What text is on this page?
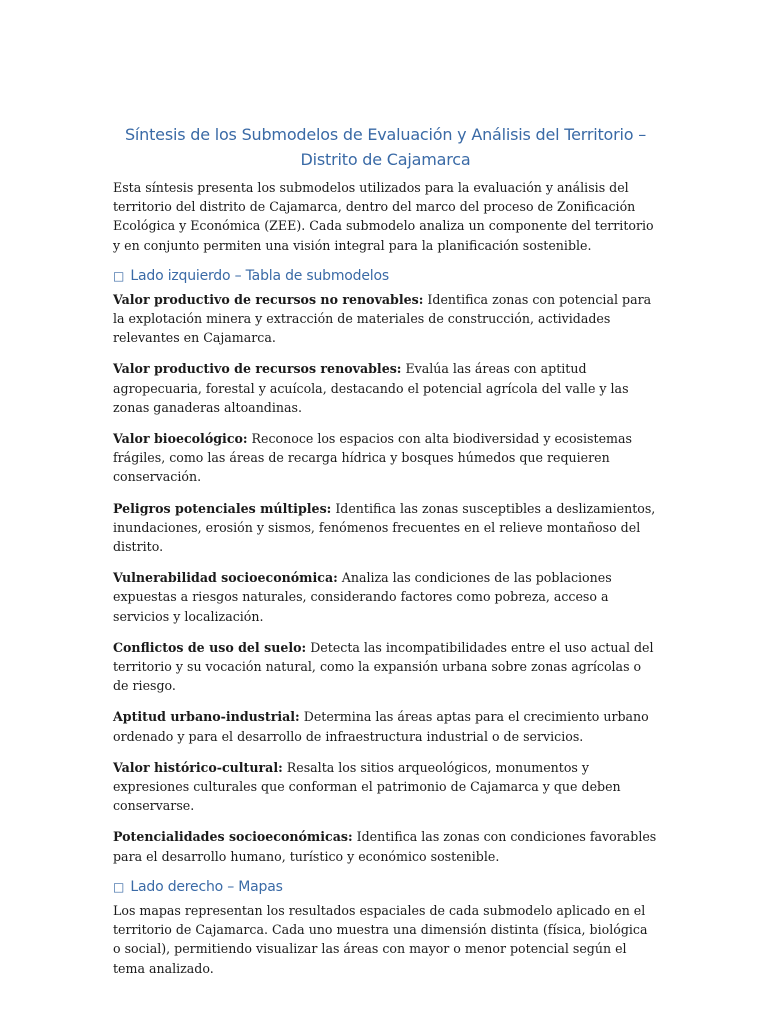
Síntesis de los Submodelos de Evaluación y Análisis del Territorio –
Distrito de Cajamarca

Esta síntesis presenta los submodelos utilizados para la evaluación y análisis del territorio del distrito de Cajamarca, dentro del marco del proceso de Zonificación Ecológica y Económica (ZEE). Cada submodelo analiza un componente del territorio y en conjunto permiten una visión integral para la planificación sostenible.

□ Lado izquierdo – Tabla de submodelos

Valor productivo de recursos no renovables: Identifica zonas con potencial para la explotación minera y extracción de materiales de construcción, actividades relevantes en Cajamarca.

Valor productivo de recursos renovables: Evalúa las áreas con aptitud agropecuaria, forestal y acuícola, destacando el potencial agrícola del valle y las zonas ganaderas altoandinas.

Valor bioecológico: Reconoce los espacios con alta biodiversidad y ecosistemas frágiles, como las áreas de recarga hídrica y bosques húmedos que requieren conservación.

Peligros potenciales múltiples: Identifica las zonas susceptibles a deslizamientos, inundaciones, erosión y sismos, fenómenos frecuentes en el relieve montañoso del distrito.

Vulnerabilidad socioeconómica: Analiza las condiciones de las poblaciones expuestas a riesgos naturales, considerando factores como pobreza, acceso a servicios y localización.

Conflictos de uso del suelo: Detecta las incompatibilidades entre el uso actual del territorio y su vocación natural, como la expansión urbana sobre zonas agrícolas o de riesgo.

Aptitud urbano-industrial: Determina las áreas aptas para el crecimiento urbano ordenado y para el desarrollo de infraestructura industrial o de servicios.

Valor histórico-cultural: Resalta los sitios arqueológicos, monumentos y expresiones culturales que conforman el patrimonio de Cajamarca y que deben conservarse.

Potencialidades socioeconómicas: Identifica las zonas con condiciones favorables para el desarrollo humano, turístico y económico sostenible.

□ Lado derecho – Mapas

Los mapas representan los resultados espaciales de cada submodelo aplicado en el territorio de Cajamarca. Cada uno muestra una dimensión distinta (física, biológica o social), permitiendo visualizar las áreas con mayor o menor potencial según el tema analizado.
